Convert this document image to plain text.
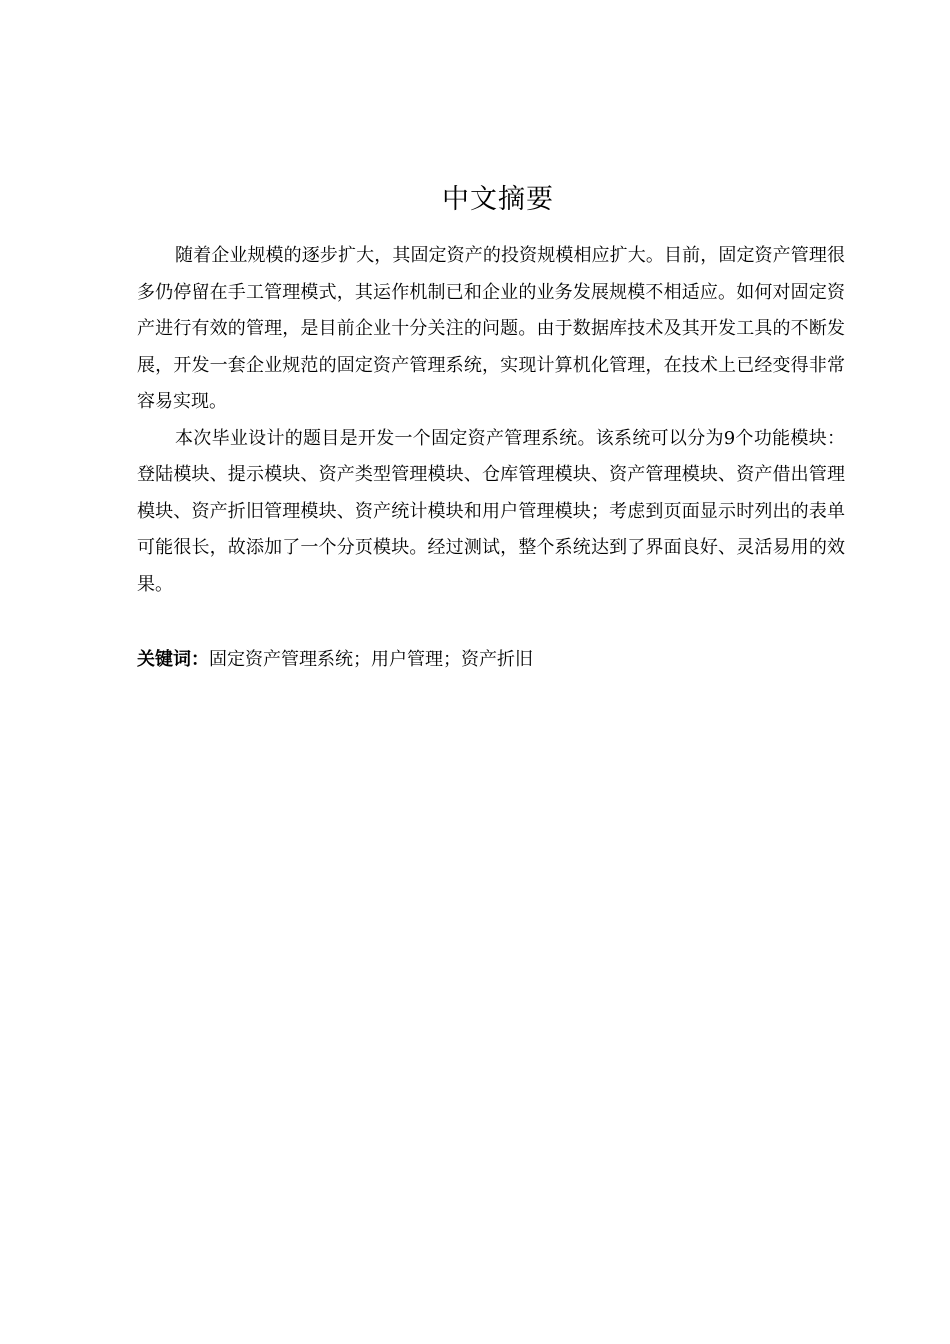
中文摘要

随着企业规模的逐步扩大，其固定资产的投资规模相应扩大。目前，固定资产管理很多仍停留在手工管理模式，其运作机制已和企业的业务发展规模不相适应。如何对固定资产进行有效的管理，是目前企业十分关注的问题。由于数据库技术及其开发工具的不断发展，开发一套企业规范的固定资产管理系统，实现计算机化管理，在技术上已经变得非常容易实现。

本次毕业设计的题目是开发一个固定资产管理系统。该系统可以分为9个功能模块：登陆模块、提示模块、资产类型管理模块、仓库管理模块、资产管理模块、资产借出管理模块、资产折旧管理模块、资产统计模块和用户管理模块；考虑到页面显示时列出的表单可能很长，故添加了一个分页模块。经过测试，整个系统达到了界面良好、灵活易用的效果。

关键词：固定资产管理系统；用户管理；资产折旧
